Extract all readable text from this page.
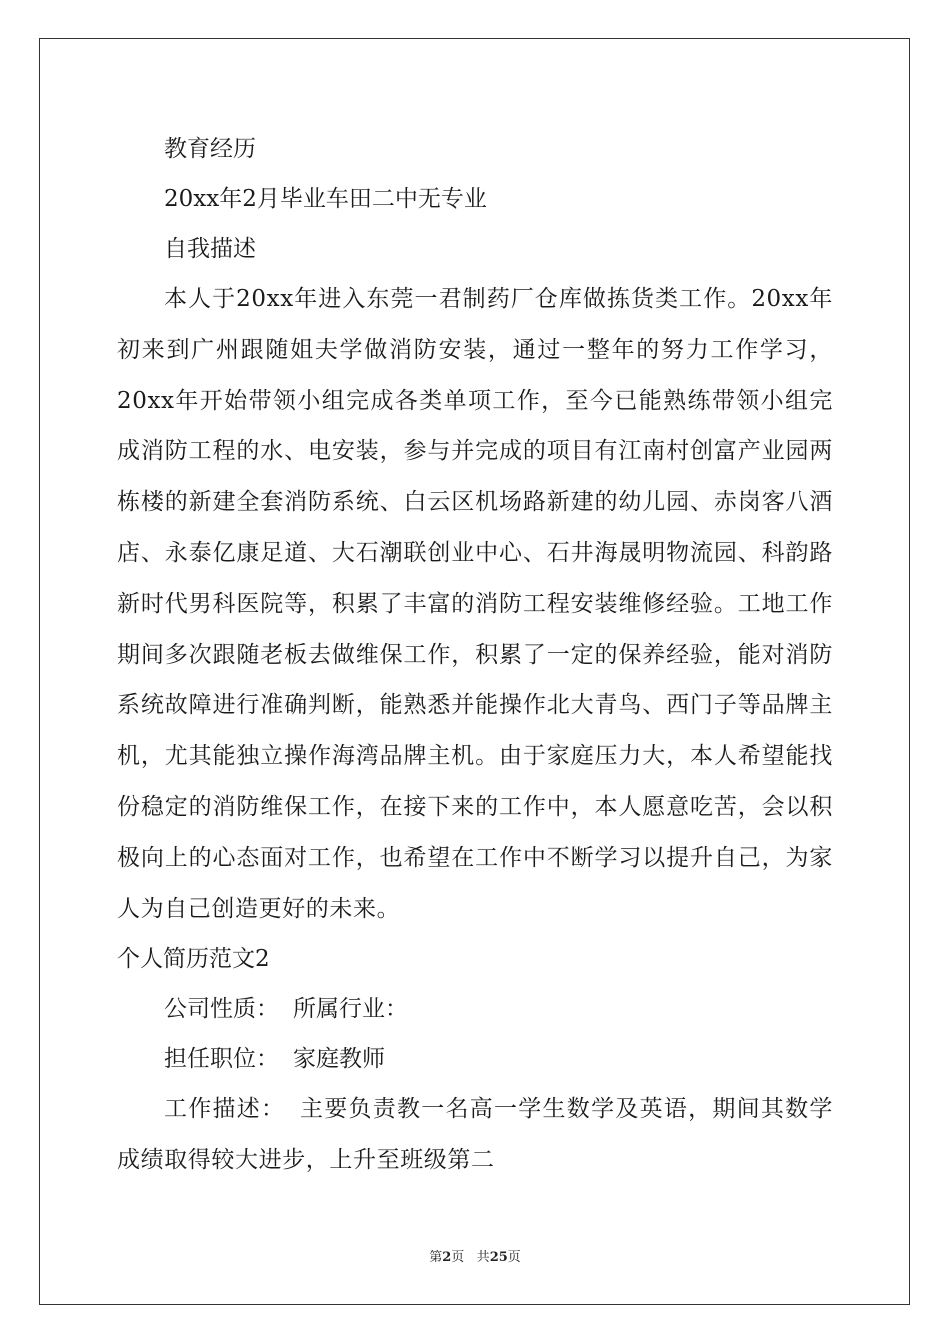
教育经历
20xx年2月毕业车田二中无专业
自我描述

本人于20xx年进入东莞一君制药厂仓库做拣货类工作。20xx年初来到广州跟随姐夫学做消防安装，通过一整年的努力工作学习，20xx年开始带领小组完成各类单项工作，至今已能熟练带领小组完成消防工程的水、电安装，参与并完成的项目有江南村创富产业园两栋楼的新建全套消防系统、白云区机场路新建的幼儿园、赤岗客八酒店、永泰亿康足道、大石潮联创业中心、石井海晟明物流园、科韵路新时代男科医院等，积累了丰富的消防工程安装维修经验。工地工作期间多次跟随老板去做维保工作，积累了一定的保养经验，能对消防系统故障进行准确判断，能熟悉并能操作北大青鸟、西门子等品牌主机，尤其能独立操作海湾品牌主机。由于家庭压力大，本人希望能找份稳定的消防维保工作，在接下来的工作中，本人愿意吃苦，会以积极向上的心态面对工作，也希望在工作中不断学习以提升自己，为家人为自己创造更好的未来。

个人简历范文2
公司性质： 所属行业：
担任职位： 家庭教师

工作描述： 主要负责教一名高一学生数学及英语，期间其数学成绩取得较大进步，上升至班级第二

第2页 共25页
